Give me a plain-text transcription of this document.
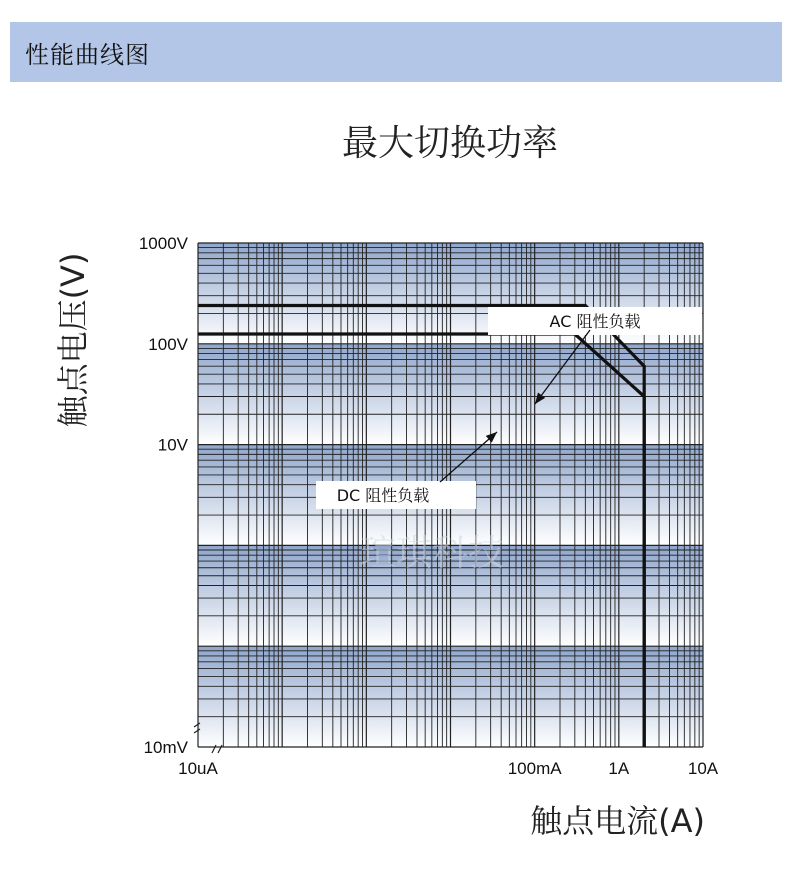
性能曲线图
最大切换功率
10uA	100mA	1A	10A
1000V
100V
10V
10mV
AC 阻性负载
DC 阻性负载
瑄琪科技
触点电流(A)
触点电压(V)
